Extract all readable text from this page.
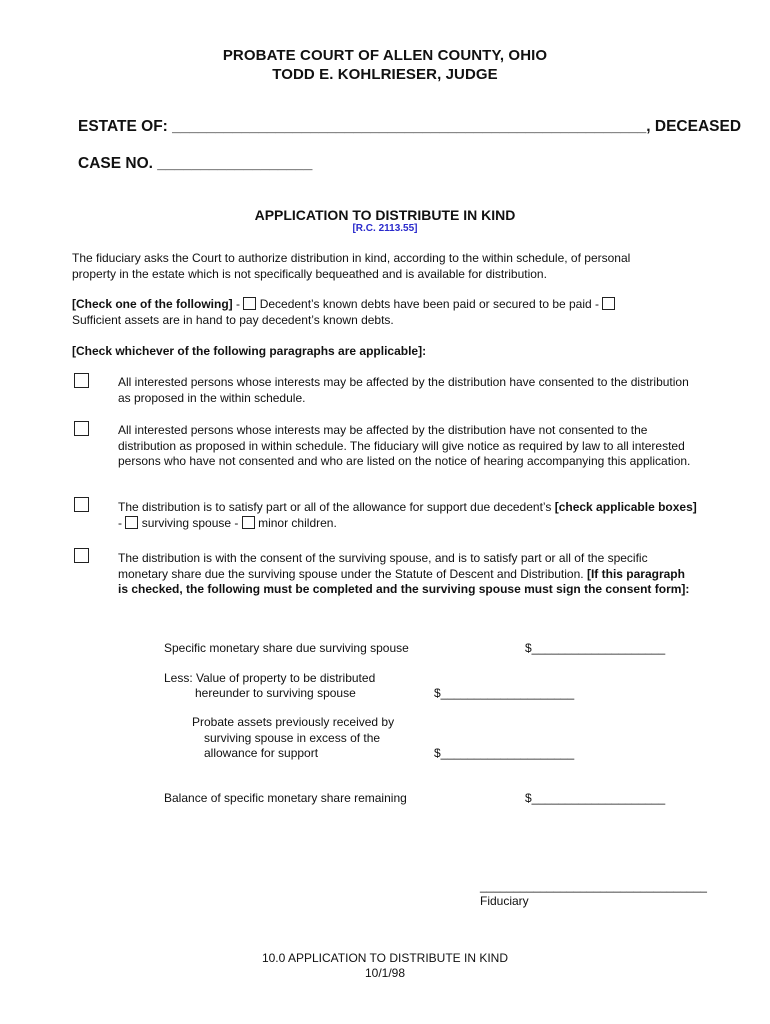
PROBATE COURT OF ALLEN COUNTY, OHIO
TODD E. KOHLRIESER, JUDGE
ESTATE OF: _______________________________________________________, DECEASED
CASE NO. __________________
APPLICATION TO DISTRIBUTE IN KIND
[R.C. 2113.55]
The fiduciary asks the Court to authorize distribution in kind, according to the within schedule, of personal property in the estate which is not specifically bequeathed and is available for distribution.
[Check one of the following] -  Decedent’s known debts have been paid or secured to be paid -
Sufficient assets are in hand to pay decedent’s known debts.
[Check whichever of the following paragraphs are applicable]:
All interested persons whose interests may be affected by the distribution have consented to the distribution as proposed in the within schedule.
All interested persons whose interests may be affected by the distribution have not consented to the distribution as proposed in within schedule. The fiduciary will give notice as required by law to all interested persons who have not consented and who are listed on the notice of hearing accompanying this application.
The distribution is to satisfy part or all of the allowance for support due decedent’s [check applicable boxes] -  surviving spouse - minor children.
The distribution is with the consent of the surviving spouse, and is to satisfy part or all of the specific monetary share due the surviving spouse under the Statute of Descent and Distribution. [If this paragraph is checked, the following must be completed and the surviving spouse must sign the consent form]:
Specific monetary share due surviving spouse	$____________________
Less: Value of property to be distributed
hereunder to surviving spouse	$____________________
Probate assets previously received by
surviving spouse in excess of the
allowance for support	$____________________
Balance of specific monetary share remaining	$____________________
__________________________________
Fiduciary
10.0 APPLICATION TO DISTRIBUTE IN KIND
10/1/98
